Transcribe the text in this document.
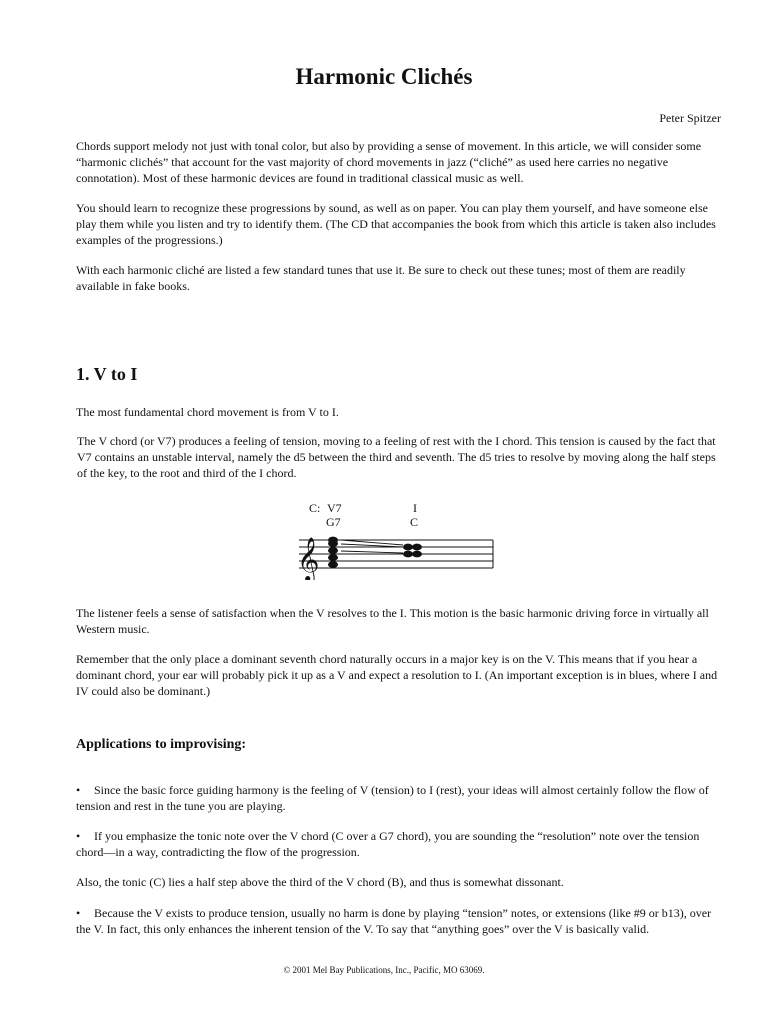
Harmonic Clichés
Peter Spitzer

Chords support melody not just with tonal color, but also by providing a sense of movement. In this article, we will consider some “harmonic clichés” that account for the vast majority of chord movements in jazz (“cliché” as used here carries no negative connotation). Most of these harmonic devices are found in traditional classical music as well.

You should learn to recognize these progressions by sound, as well as on paper. You can play them yourself, and have someone else play them while you listen and try to identify them. (The CD that accompanies the book from which this article is taken also includes examples of the progressions.)

With each harmonic cliché are listed a few standard tunes that use it. Be sure to check out these tunes; most of them are readily available in fake books.

1. V to I

The most fundamental chord movement is from V to I.

The V chord (or V7) produces a feeling of tension, moving to a feeling of rest with the I chord. This tension is caused by the fact that V7 contains an unstable interval, namely the d5 between the third and seventh. The d5 tries to resolve by moving along the half steps of the key, to the root and third of the I chord.

C: V7
G7
I
C
𝄞

The listener feels a sense of satisfaction when the V resolves to the I. This motion is the basic harmonic driving force in virtually all Western music.

Remember that the only place a dominant seventh chord naturally occurs in a major key is on the V. This means that if you hear a dominant chord, your ear will probably pick it up as a V and expect a resolution to I. (An important exception is in blues, where I and IV could also be dominant.)

Applications to improvising:

• Since the basic force guiding harmony is the feeling of V (tension) to I (rest), your ideas will almost certainly follow the flow of tension and rest in the tune you are playing.

• If you emphasize the tonic note over the V chord (C over a G7 chord), you are sounding the “resolution” note over the tension chord—in a way, contradicting the flow of the progression.

Also, the tonic (C) lies a half step above the third of the V chord (B), and thus is somewhat dissonant.

• Because the V exists to produce tension, usually no harm is done by playing “tension” notes, or extensions (like #9 or b13), over the V. In fact, this only enhances the inherent tension of the V. To say that “anything goes” over the V is basically valid.

© 2001 Mel Bay Publications, Inc., Pacific, MO 63069.
